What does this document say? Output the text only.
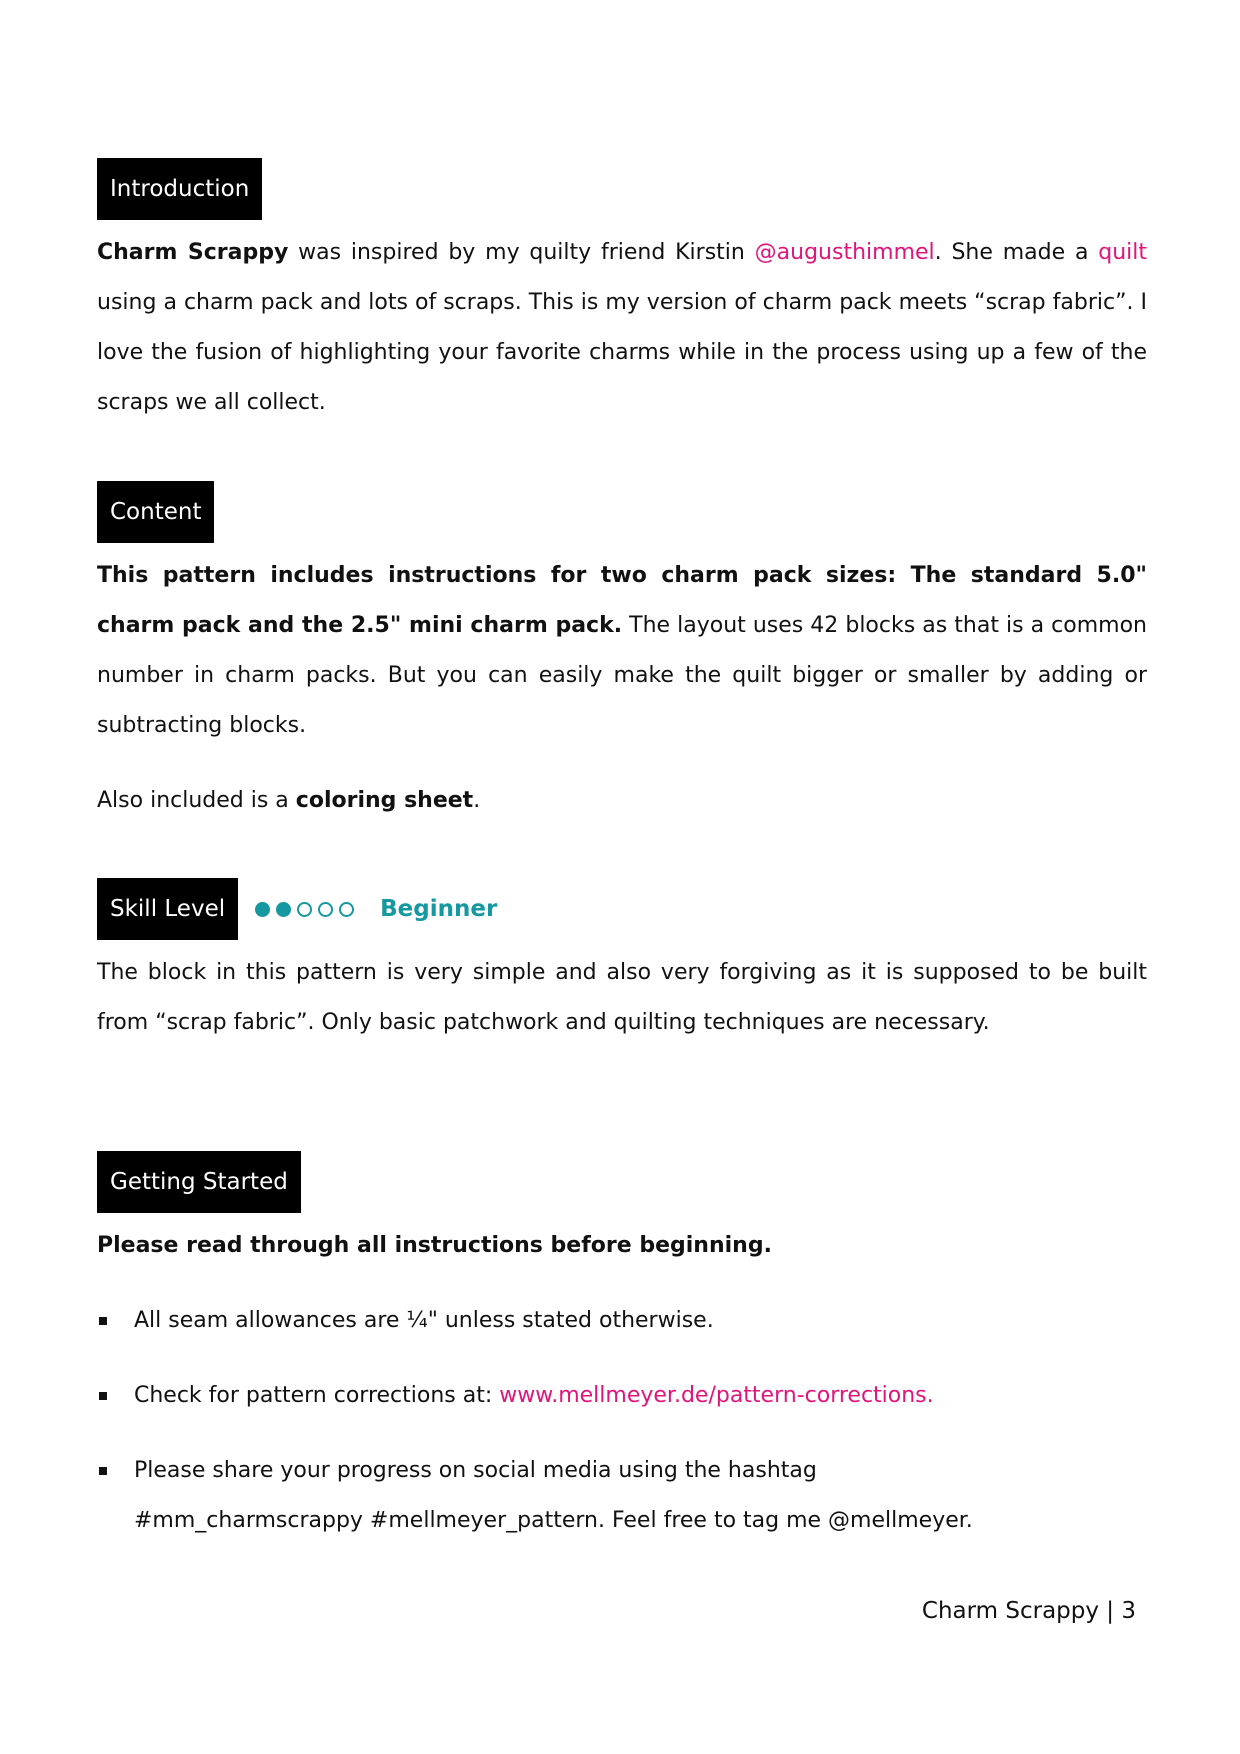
Introduction

Charm Scrappy was inspired by my quilty friend Kirstin @augusthimmel. She made a quilt using a charm pack and lots of scraps. This is my version of charm pack meets “scrap fabric”. I love the fusion of highlighting your favorite charms while in the process using up a few of the scraps we all collect.

Content

This pattern includes instructions for two charm pack sizes: The standard 5.0" charm pack and the 2.5" mini charm pack. The layout uses 42 blocks as that is a common number in charm packs. But you can easily make the quilt bigger or smaller by adding or subtracting blocks.

Also included is a coloring sheet.

Skill Level	Beginner

The block in this pattern is very simple and also very forgiving as it is supposed to be built from “scrap fabric”. Only basic patchwork and quilting techniques are necessary.

Getting Started

Please read through all instructions before beginning.

All seam allowances are ¼" unless stated otherwise.
Check for pattern corrections at: www.mellmeyer.de/pattern-corrections.
Please share your progress on social media using the hashtag
#mm_charmscrappy #mellmeyer_pattern. Feel free to tag me @mellmeyer.
Charm Scrappy | 3
